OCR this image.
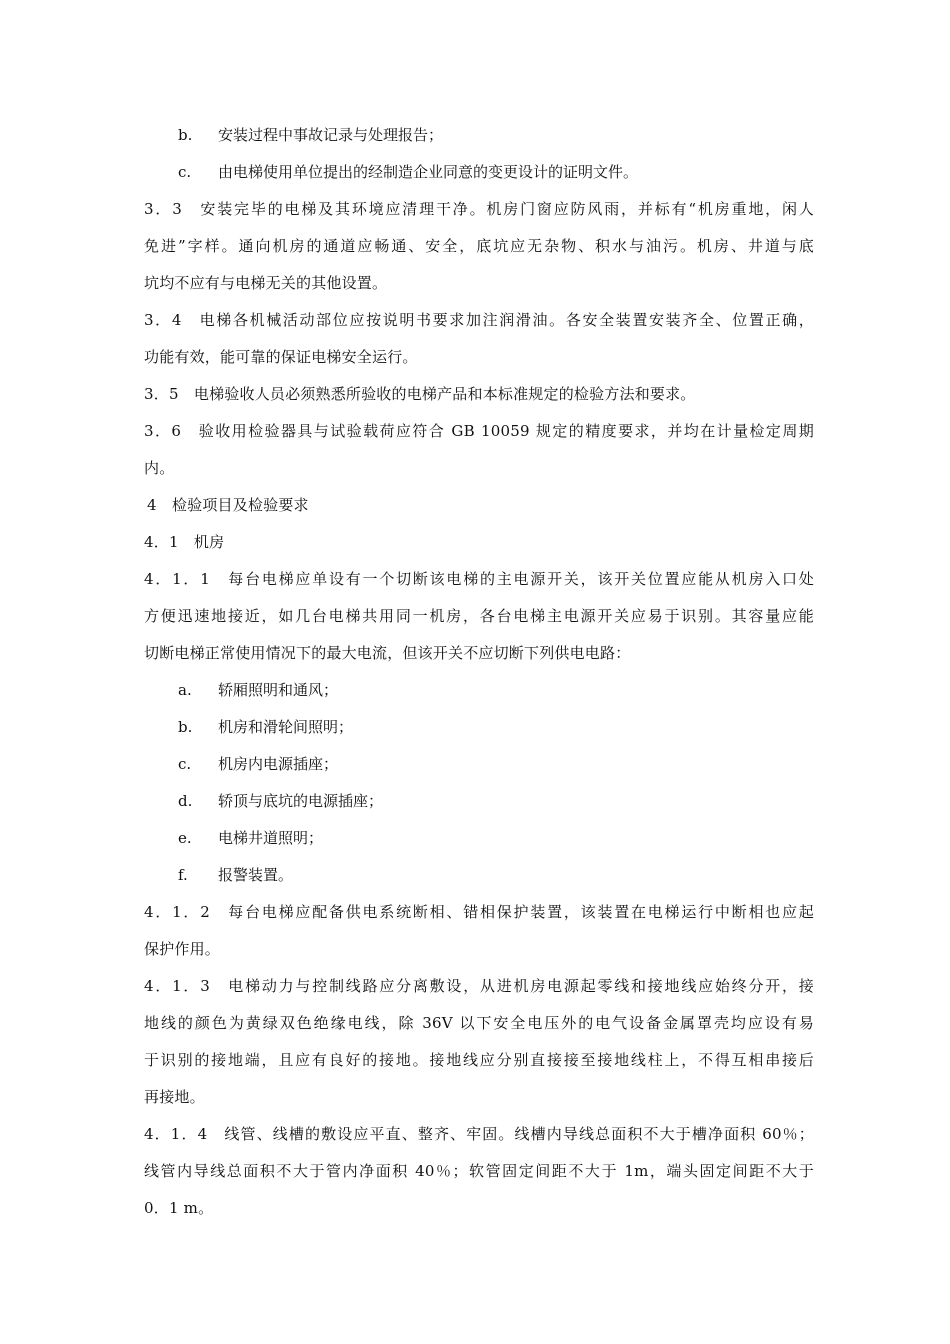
b. 安装过程中事故记录与处理报告；
c. 由电梯使用单位提出的经制造企业同意的变更设计的证明文件。
3．3　安装完毕的电梯及其环境应清理干净。机房门窗应防风雨，并标有“机房重地，闲人
免进”字样。通向机房的通道应畅通、安全，底坑应无杂物、积水与油污。机房、井道与底
坑均不应有与电梯无关的其他设置。
3．4　电梯各机械活动部位应按说明书要求加注润滑油。各安全装置安装齐全、位置正确，
功能有效，能可靠的保证电梯安全运行。
3．5　电梯验收人员必须熟悉所验收的电梯产品和本标准规定的检验方法和要求。
3．6　验收用检验器具与试验载荷应符合 GB 10059 规定的精度要求，并均在计量检定周期
内。
4　检验项目及检验要求
4．1　机房
4．1．1　每台电梯应单设有一个切断该电梯的主电源开关，该开关位置应能从机房入口处
方便迅速地接近，如几台电梯共用同一机房，各台电梯主电源开关应易于识别。其容量应能
切断电梯正常使用情况下的最大电流，但该开关不应切断下列供电电路：
a. 轿厢照明和通风；
b. 机房和滑轮间照明；
c. 机房内电源插座；
d. 轿顶与底坑的电源插座；
e. 电梯井道照明；
f. 报警装置。
4．1．2　每台电梯应配备供电系统断相、错相保护装置，该装置在电梯运行中断相也应起
保护作用。
4．1．3　电梯动力与控制线路应分离敷设，从进机房电源起零线和接地线应始终分开，接
地线的颜色为黄绿双色绝缘电线，除 36V 以下安全电压外的电气设备金属罩壳均应设有易
于识别的接地端，且应有良好的接地。接地线应分别直接接至接地线柱上，不得互相串接后
再接地。
4．1．4　线管、线槽的敷设应平直、整齐、牢固。线槽内导线总面积不大于槽净面积 60％；
线管内导线总面积不大于管内净面积 40％；软管固定间距不大于 1m，端头固定间距不大于
0．1 m。
